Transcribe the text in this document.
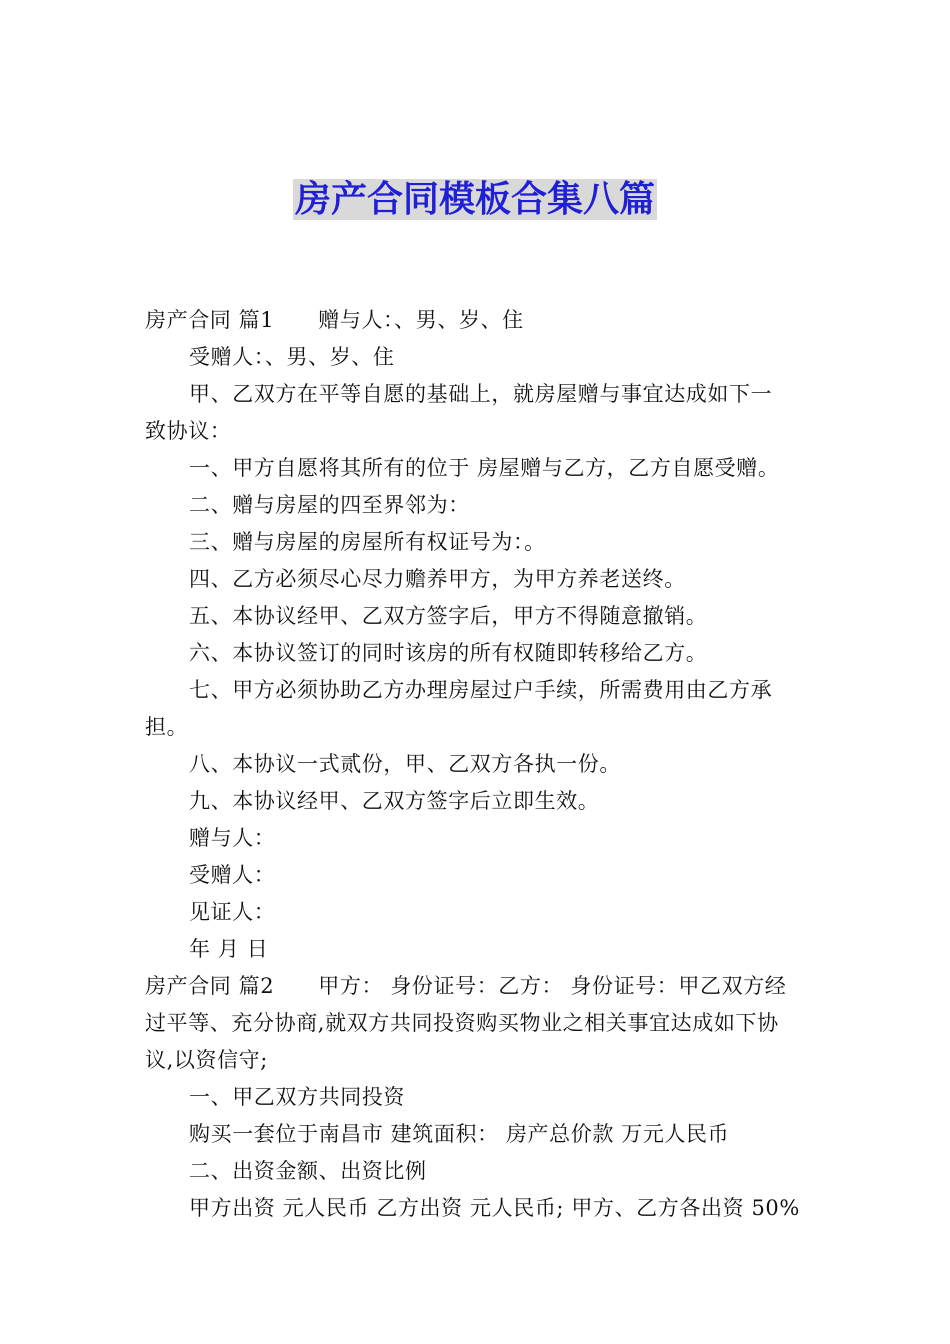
房产合同模板合集八篇

房产合同 篇1 赠与人：、男、岁、住

受赠人：、男、岁、住

甲、乙双方在平等自愿的基础上，就房屋赠与事宜达成如下一

致协议：

一、甲方自愿将其所有的位于 房屋赠与乙方，乙方自愿受赠。

二、赠与房屋的四至界邻为：

三、赠与房屋的房屋所有权证号为：。

四、乙方必须尽心尽力赡养甲方，为甲方养老送终。

五、本协议经甲、乙双方签字后，甲方不得随意撤销。

六、本协议签订的同时该房的所有权随即转移给乙方。

七、甲方必须协助乙方办理房屋过户手续，所需费用由乙方承

担。

八、本协议一式贰份，甲、乙双方各执一份。

九、本协议经甲、乙双方签字后立即生效。

赠与人：

受赠人：

见证人：

年 月 日

房产合同 篇2 甲方： 身份证号：乙方： 身份证号：甲乙双方经

过平等、充分协商,就双方共同投资购买物业之相关事宜达成如下协

议,以资信守;

一、甲乙双方共同投资

购买一套位于南昌市 建筑面积： 房产总价款 万元人民币

二、出资金额、出资比例

甲方出资 元人民币 乙方出资 元人民币; 甲方、乙方各出资 50%
